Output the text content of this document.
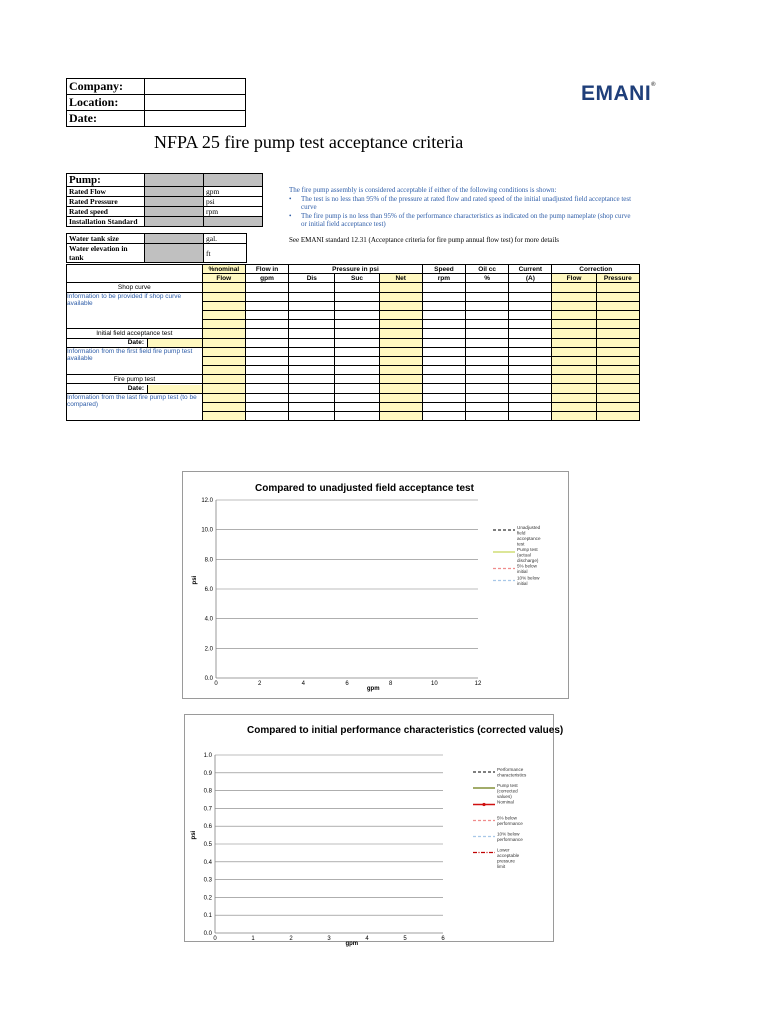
Company:	
Location:	
Date:	
EMANI®
NFPA 25 fire pump test acceptance criteria
Pump:		
Rated Flow		gpm
Rated Pressure		psi
Rated speed		rpm
Installation Standard		
Water tank size		gal.
Water elevation in tank		ft
The fire pump assembly is considered acceptable if either of the following conditions is shown:
•	The test is no less than 95% of the pressure at rated flow and rated speed of the initial unadjusted field acceptance test curve
•	The fire pump is no less than 95% of the performance characteristics as indicated on the pump nameplate (shop curve or initial field acceptance test)
See EMANI standard 12.31 (Acceptance criteria for fire pump annual flow test) for more details
	%nominal	Flow in	Pressure in psi			Speed	Oil cc	Current	Correction	
	Flow	gpm	Dis	Suc	Net	rpm	%	(A)	Flow	Pressure
Shop curve										
Information to be provided if shop curve available										

Initial field acceptance test										

Date:										

Information from the first field fire pump test available										

Fire pump test										

Date:										

Information from the last fire pump test (to be compared)										

Compared to unadjusted field acceptance test
0.0
2.0
4.0
6.0
8.0
10.0
12.0
0	2	4	6	8	10	12
gpm
psi
Unadjusted
field
acceptance
test
Pump test
(actual
discharge)
5% below
initial
10% below
initial
Compared to initial performance characteristics (corrected values)
0.0
0.1
0.2
0.3
0.4
0.5
0.6
0.7
0.8
0.9
1.0
0	1	2	3	4	5	6
gpm
psi
Performance
characteristics
Pump test
(corrected
values)
Nominal
5% below
performance
10% below
performance
Lower
acceptable
pressure
limit
